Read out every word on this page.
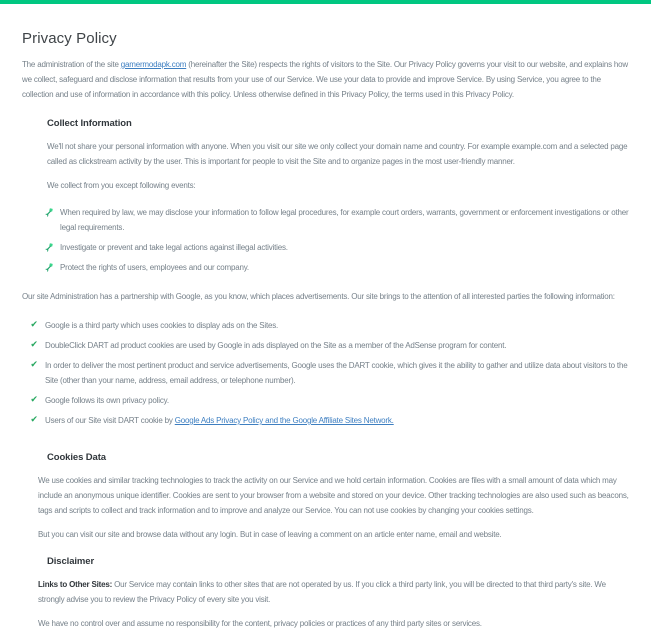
Privacy Policy

The administration of the site gamermodapk.com (hereinafter the Site) respects the rights of visitors to the Site. Our Privacy Policy governs your visit to our website, and explains how we collect, safeguard and disclose information that results from your use of our Service. We use your data to provide and improve Service. By using Service, you agree to the collection and use of information in accordance with this policy. Unless otherwise defined in this Privacy Policy, the terms used in this Privacy Policy.

Collect Information

We'll not share your personal information with anyone. When you visit our site we only collect your domain name and country. For example example.com and a selected page called as clickstream activity by the user. This is important for people to visit the Site and to organize pages in the most user-friendly manner.

We collect from you except following events:

When required by law, we may disclose your information to follow legal procedures, for example court orders, warrants, government or enforcement investigations or other legal requirements.
Investigate or prevent and take legal actions against illegal activities.
Protect the rights of users, employees and our company.

Our site Administration has a partnership with Google, as you know, which places advertisements. Our site brings to the attention of all interested parties the following information:

✔ Google is a third party which uses cookies to display ads on the Sites.
✔ DoubleClick DART ad product cookies are used by Google in ads displayed on the Site as a member of the AdSense program for content.
✔ In order to deliver the most pertinent product and service advertisements, Google uses the DART cookie, which gives it the ability to gather and utilize data about visitors to the Site (other than your name, address, email address, or telephone number).
✔ Google follows its own privacy policy.
✔ Users of our Site visit DART cookie by Google Ads Privacy Policy and the Google Affiliate Sites Network.
Cookies Data

We use cookies and similar tracking technologies to track the activity on our Service and we hold certain information. Cookies are files with a small amount of data which may include an anonymous unique identifier. Cookies are sent to your browser from a website and stored on your device. Other tracking technologies are also used such as beacons, tags and scripts to collect and track information and to improve and analyze our Service. You can not use cookies by changing your cookies settings.

But you can visit our site and browse data without any login. But in case of leaving a comment on an article enter name, email and website.

Disclaimer

Links to Other Sites: Our Service may contain links to other sites that are not operated by us. If you click a third party link, you will be directed to that third party's site. We strongly advise you to review the Privacy Policy of every site you visit.

We have no control over and assume no responsibility for the content, privacy policies or practices of any third party sites or services.
